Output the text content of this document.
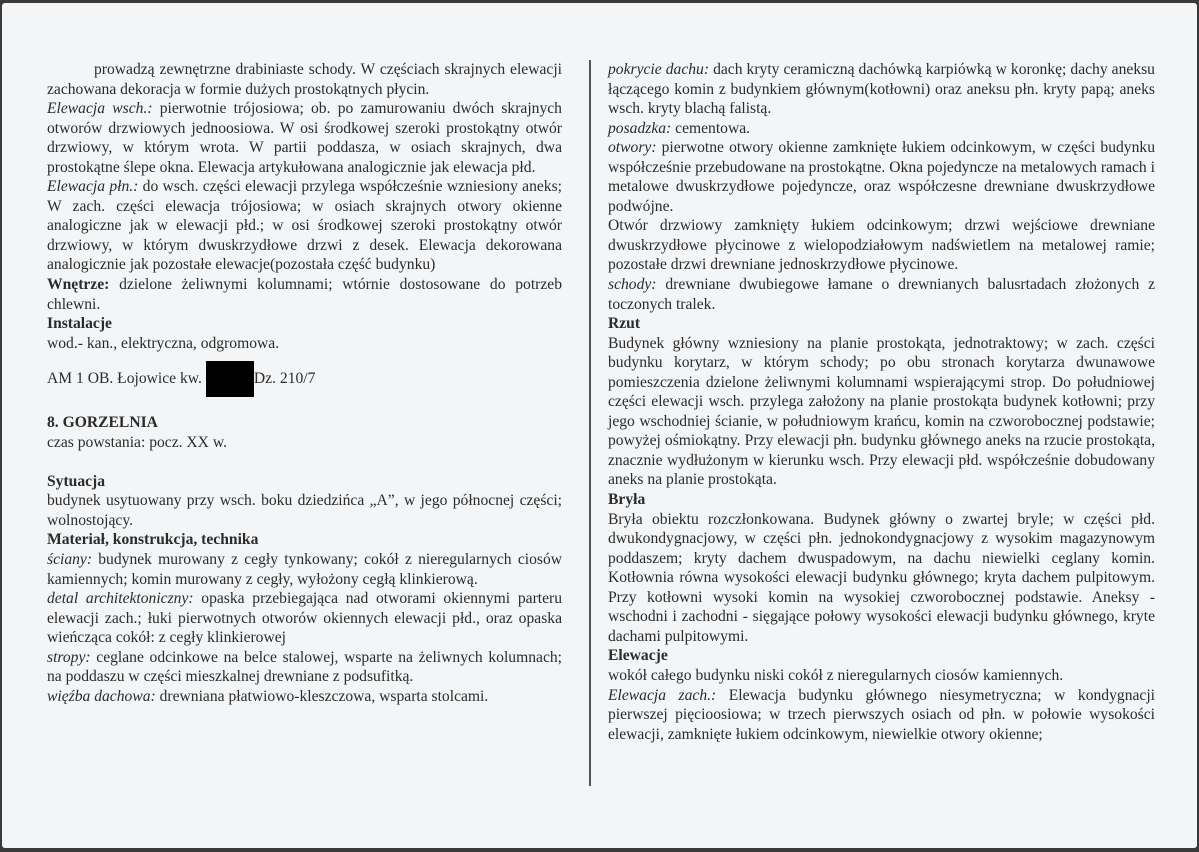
prowadzą zewnętrzne drabiniaste schody. W częściach skrajnych elewacji zachowana dekoracja w formie dużych prostokątnych płycin.

Elewacja wsch.: pierwotnie trójosiowa; ob. po zamurowaniu dwóch skrajnych otworów drzwiowych jednoosiowa. W osi środkowej szeroki prostokątny otwór drzwiowy, w którym wrota. W partii poddasza, w osiach skrajnych, dwa prostokątne ślepe okna. Elewacja artykułowana analogicznie jak elewacja płd.

Elewacja płn.: do wsch. części elewacji przylega współcześnie wzniesiony aneks; W zach. części elewacja trójosiowa; w osiach skrajnych otwory okienne analogiczne jak w elewacji płd.; w osi środkowej szeroki prostokątny otwór drzwiowy, w którym dwuskrzydłowe drzwi z desek. Elewacja dekorowana analogicznie jak pozostałe elewacje(pozostała część budynku)

Wnętrze: dzielone żeliwnymi kolumnami; wtórnie dostosowane do potrzeb chlewni.

Instalacje

wod.- kan., elektryczna, odgromowa.

AM 1 OB. Łojowice kw.	Dz. 210/7

8. GORZELNIA

czas powstania: pocz. XX w.

Sytuacja

budynek usytuowany przy wsch. boku dziedzińca „A”, w jego północnej części; wolnostojący.

Materiał, konstrukcja, technika

ściany: budynek murowany z cegły tynkowany; cokół z nieregularnych ciosów kamiennych; komin murowany z cegły, wyłożony cegłą klinkierową.

detal architektoniczny: opaska przebiegająca nad otworami okiennymi parteru elewacji zach.; łuki pierwotnych otworów okiennych elewacji płd., oraz opaska wieńcząca cokół: z cegły klinkierowej

stropy: ceglane odcinkowe na belce stalowej, wsparte na żeliwnych kolumnach; na poddaszu w części mieszkalnej drewniane z podsufitką.

więźba dachowa: drewniana płatwiowo-kleszczowa, wsparta stolcami.

pokrycie dachu: dach kryty ceramiczną dachówką karpiówką w koronkę; dachy aneksu łączącego komin z budynkiem głównym(kotłowni) oraz aneksu płn. kryty papą; aneks wsch. kryty blachą falistą.

posadzka: cementowa.

otwory: pierwotne otwory okienne zamknięte łukiem odcinkowym, w części budynku współcześnie przebudowane na prostokątne. Okna pojedyncze na metalowych ramach i metalowe dwuskrzydłowe pojedyncze, oraz współczesne drewniane dwuskrzydłowe podwójne.

Otwór drzwiowy zamknięty łukiem odcinkowym; drzwi wejściowe drewniane dwuskrzydłowe płycinowe z wielopodziałowym nadświetlem na metalowej ramie; pozostałe drzwi drewniane jednoskrzydłowe płycinowe.

schody: drewniane dwubiegowe łamane o drewnianych balusrtadach złożonych z toczonych tralek.

Rzut

Budynek główny wzniesiony na planie prostokąta, jednotraktowy; w zach. części budynku korytarz, w którym schody; po obu stronach korytarza dwunawowe pomieszczenia dzielone żeliwnymi kolumnami wspierającymi strop. Do południowej części elewacji wsch. przylega założony na planie prostokąta budynek kotłowni; przy jego wschodniej ścianie, w południowym krańcu, komin na czworobocznej podstawie; powyżej ośmiokątny. Przy elewacji płn. budynku głównego aneks na rzucie prostokąta, znacznie wydłużonym w kierunku wsch. Przy elewacji płd. współcześnie dobudowany aneks na planie prostokąta.

Bryła

Bryła obiektu rozczłonkowana. Budynek główny o zwartej bryle; w części płd. dwukondygnacjowy, w części płn. jednokondygnacjowy z wysokim magazynowym poddaszem; kryty dachem dwuspadowym, na dachu niewielki ceglany komin. Kotłownia równa wysokości elewacji budynku głównego; kryta dachem pulpitowym. Przy kotłowni wysoki komin na wysokiej czworobocznej podstawie. Aneksy - wschodni i zachodni - sięgające połowy wysokości elewacji budynku głównego, kryte dachami pulpitowymi.

Elewacje

wokół całego budynku niski cokół z nieregularnych ciosów kamiennych.

Elewacja zach.: Elewacja budynku głównego niesymetryczna; w kondygnacji pierwszej pięcioosiowa; w trzech pierwszych osiach od płn. w połowie wysokości elewacji, zamknięte łukiem odcinkowym, niewielkie otwory okienne;
